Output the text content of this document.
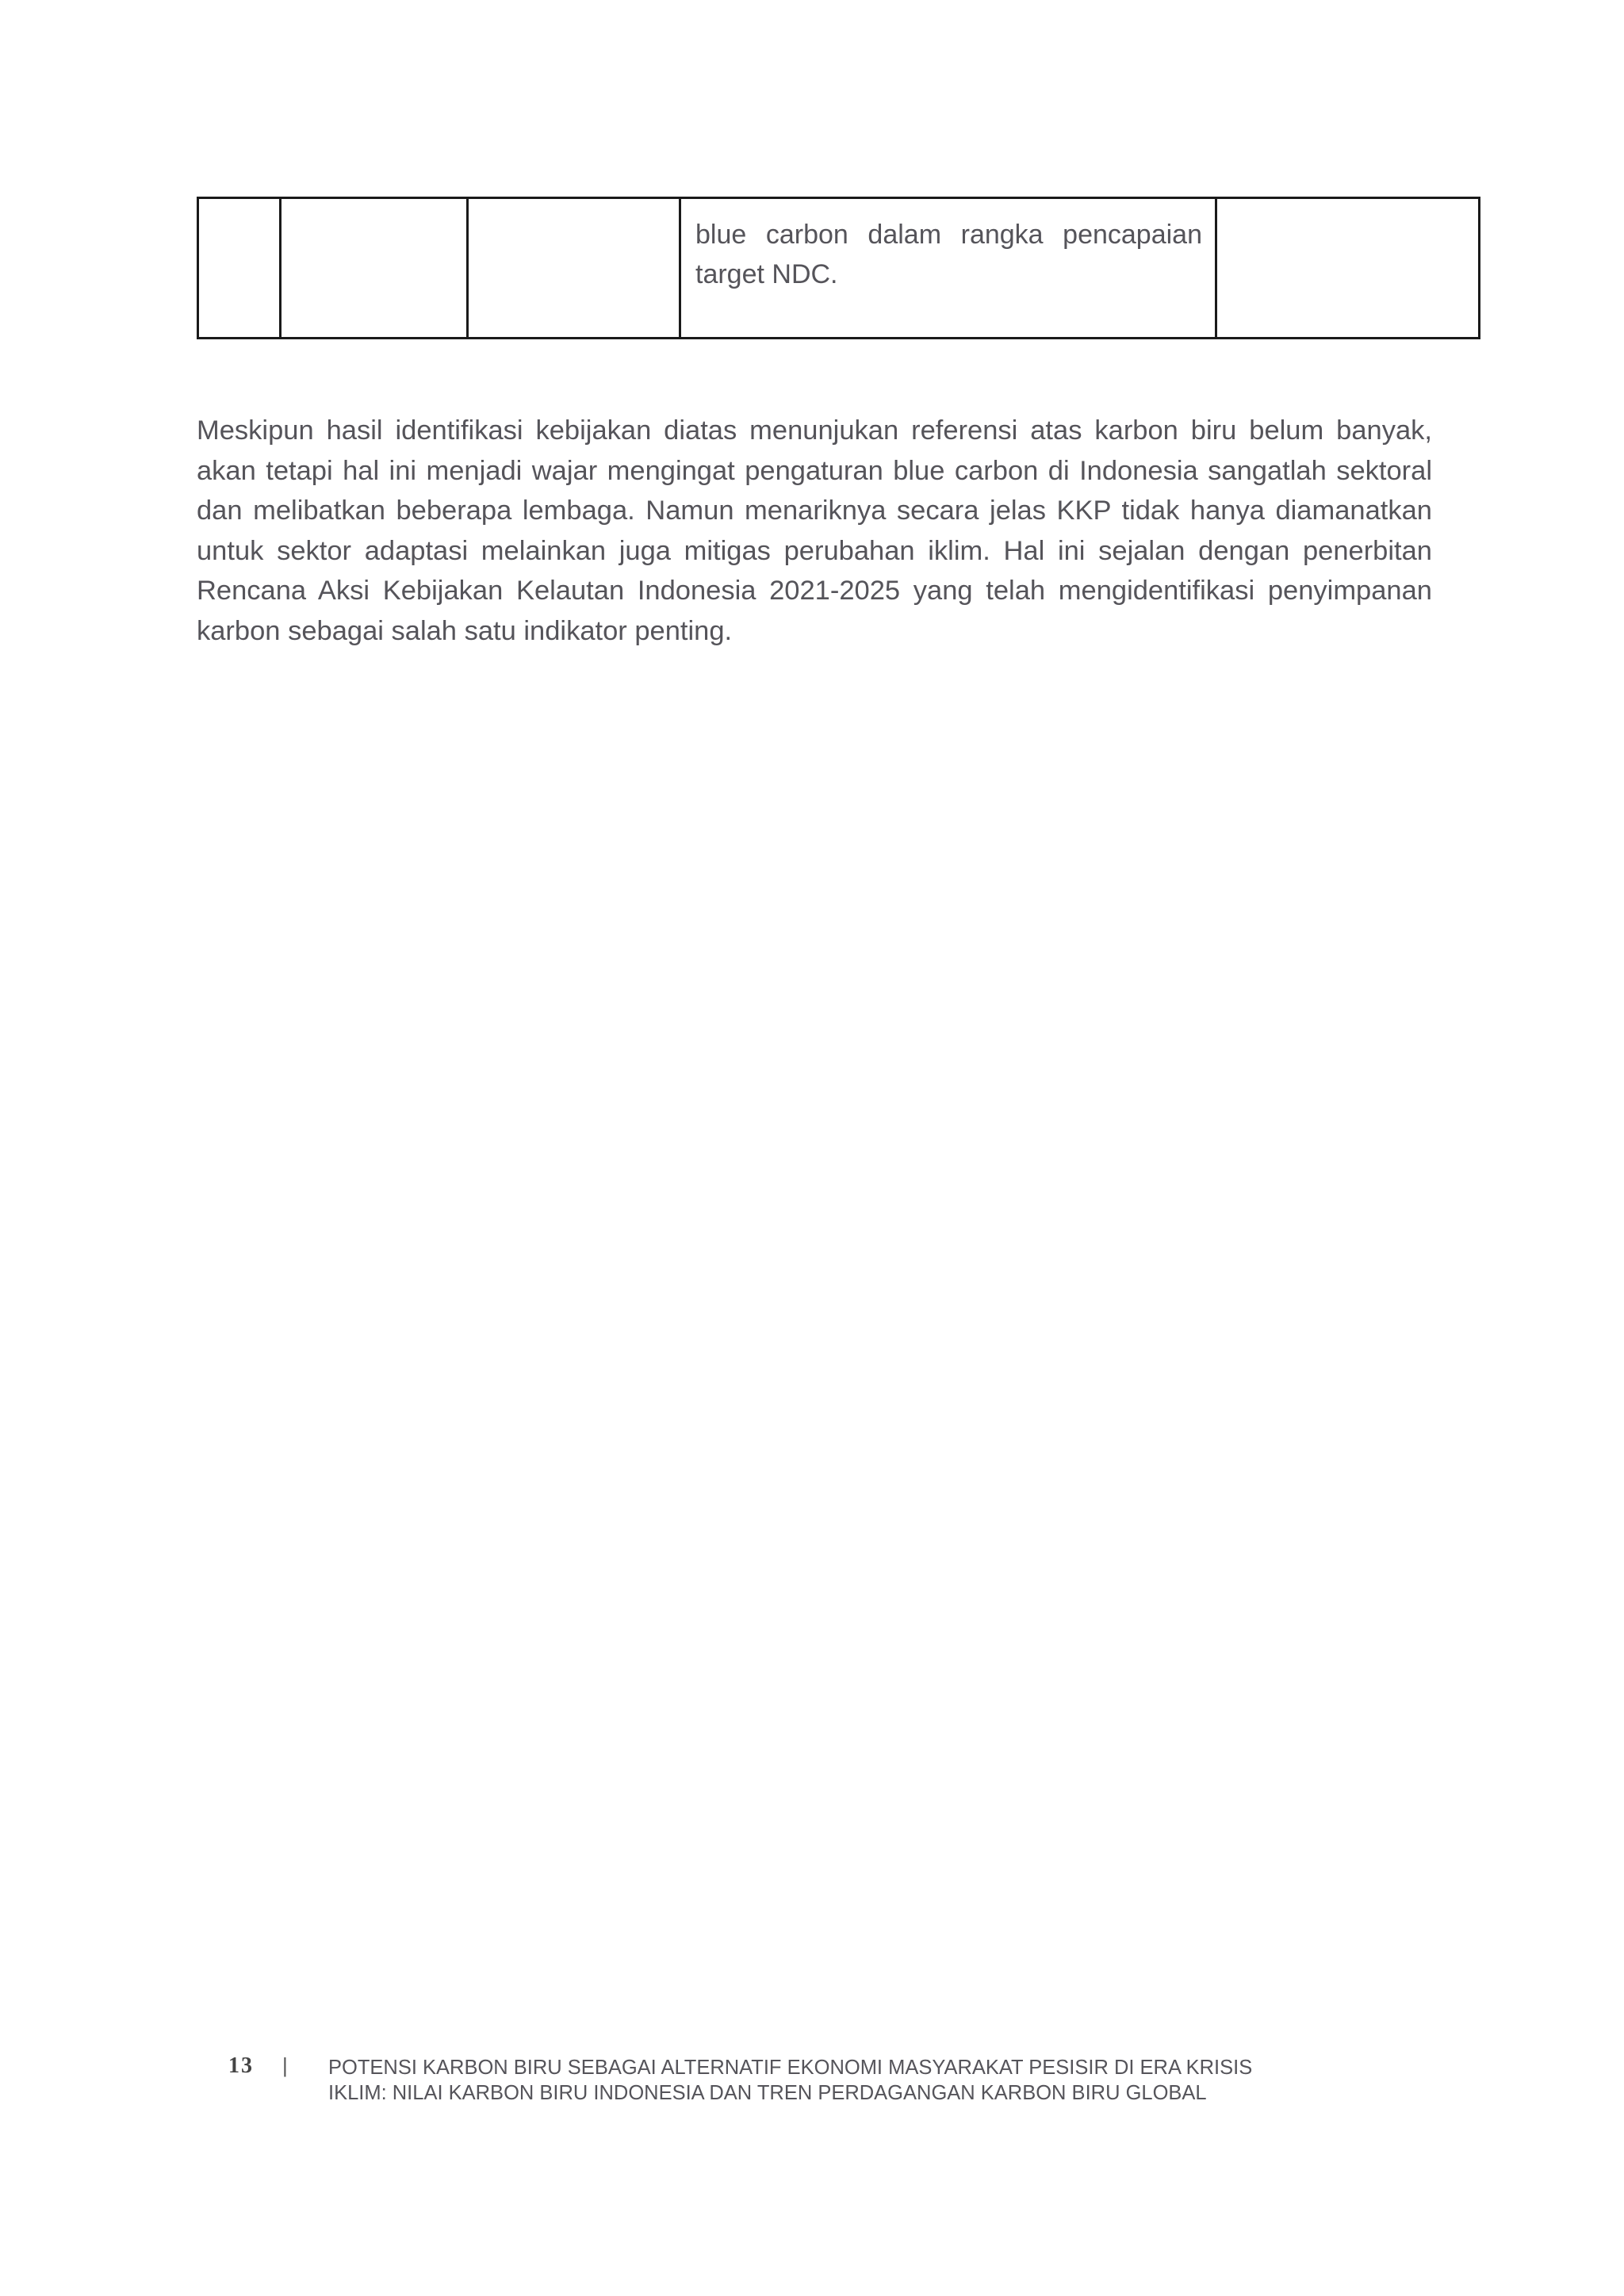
			blue carbon dalam rangka pencapaian target NDC.	

Meskipun hasil identifikasi kebijakan diatas menunjukan referensi atas karbon biru belum banyak, akan tetapi hal ini menjadi wajar mengingat pengaturan blue carbon di Indonesia sangatlah sektoral dan melibatkan beberapa lembaga. Namun menariknya secara jelas KKP tidak hanya diamanatkan untuk sektor adaptasi melainkan juga mitigas perubahan iklim. Hal ini sejalan dengan penerbitan Rencana Aksi Kebijakan Kelautan Indonesia 2021-2025 yang telah mengidentifikasi penyimpanan karbon sebagai salah satu indikator penting.

13 | POTENSI KARBON BIRU SEBAGAI ALTERNATIF EKONOMI MASYARAKAT PESISIR DI ERA KRISIS
IKLIM: NILAI KARBON BIRU INDONESIA DAN TREN PERDAGANGAN KARBON BIRU GLOBAL
